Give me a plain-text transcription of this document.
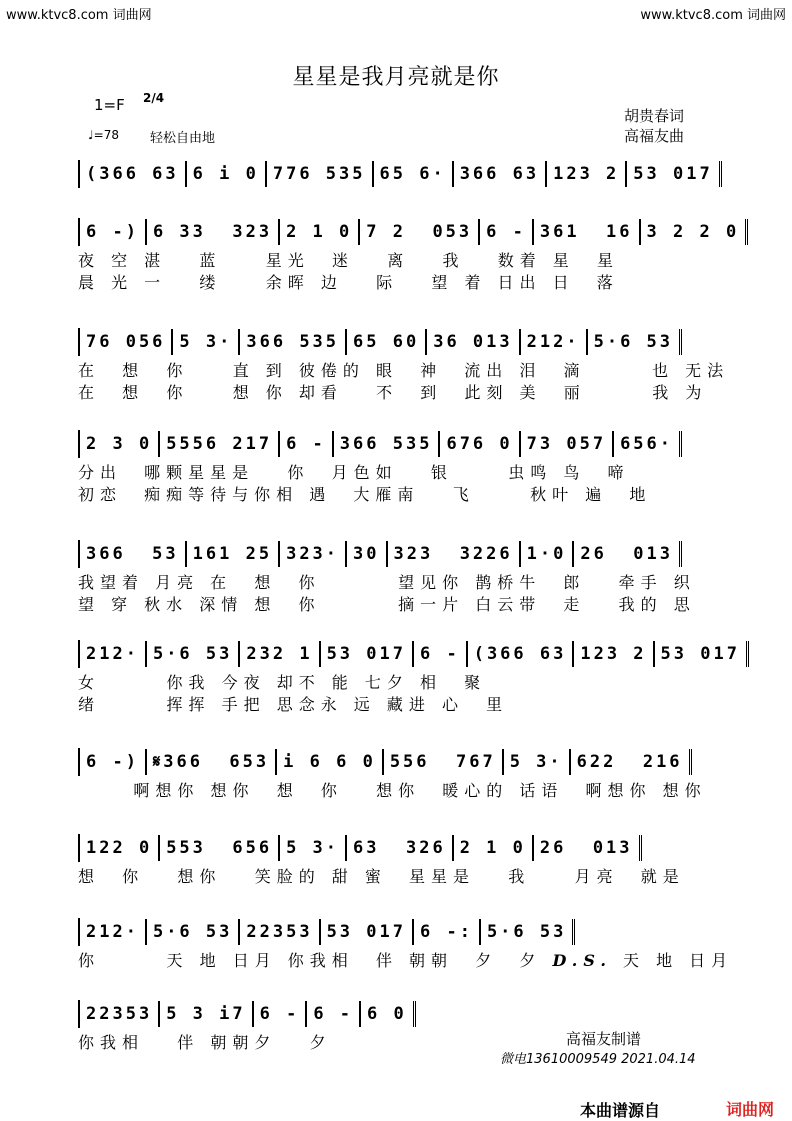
www.ktvc8.com 词曲网	www.ktvc8.com 词曲网
星星是我月亮就是你
1=F 2/4
♩=78 轻松自由地
胡贵春词
高福友曲
(366 63 6 i 0 776 535 65 6· 366 63 123 2 53 017
6 -) 6 33  323 2 1 0 7 2  053 6 - 361  16 3 2 2 0
夜 空 湛   蓝    星光  迷   离   我   数着 星  星
晨 光 一   缕    余晖 边   际   望 着 日出 日  落
76 056 5 3· 366 535 65 60 36 013 212· 5·6 53
在  想  你    直 到 彼倦的 眼  神  流出 泪  滴      也 无法
在  想  你    想 你 却看   不  到  此刻 美  丽      我 为
2 3 0 5556 217 6 - 366 535 676 0 73 057 656·
分出  哪颗星星是   你  月色如   银     虫鸣 鸟  啼
初恋  痴痴等待与你相 遇  大雁南   飞     秋叶 遍  地
366  53 161 25 323· 30 323  3226 1·0 26  013
我望着 月亮 在  想  你       望见你 鹊桥牛  郎   牵手 织
望 穿 秋水 深情 想  你       摘一片 白云带  走   我的 思
212· 5·6 53 232 1 53 017 6 - (366 63 123 2 53 017
女      你我 今夜 却不 能 七夕 相  聚
绪      挥挥 手把 思念永 远 藏进 心  里
6 -) 𝄋366  653 i 6 6 0 556  767 5 3· 622  216
啊想你 想你  想  你   想你  暖心的 话语  啊想你 想你
122 0 553  656 5 3· 63  326 2 1 0 26  013
想  你   想你   笑脸的 甜 蜜  星星是   我    月亮  就是
212· 5·6 53 22353 53 017 6 -: 5·6 53
你      天 地 日月 你我相  伴 朝朝  夕  夕 D.S. 天 地 日月
22353 5 3 i7 6 - 6 - 6 0
你我相   伴 朝朝夕   夕	高福友制谱
微电13610009549 2021.04.14
本曲谱源自	词曲网
